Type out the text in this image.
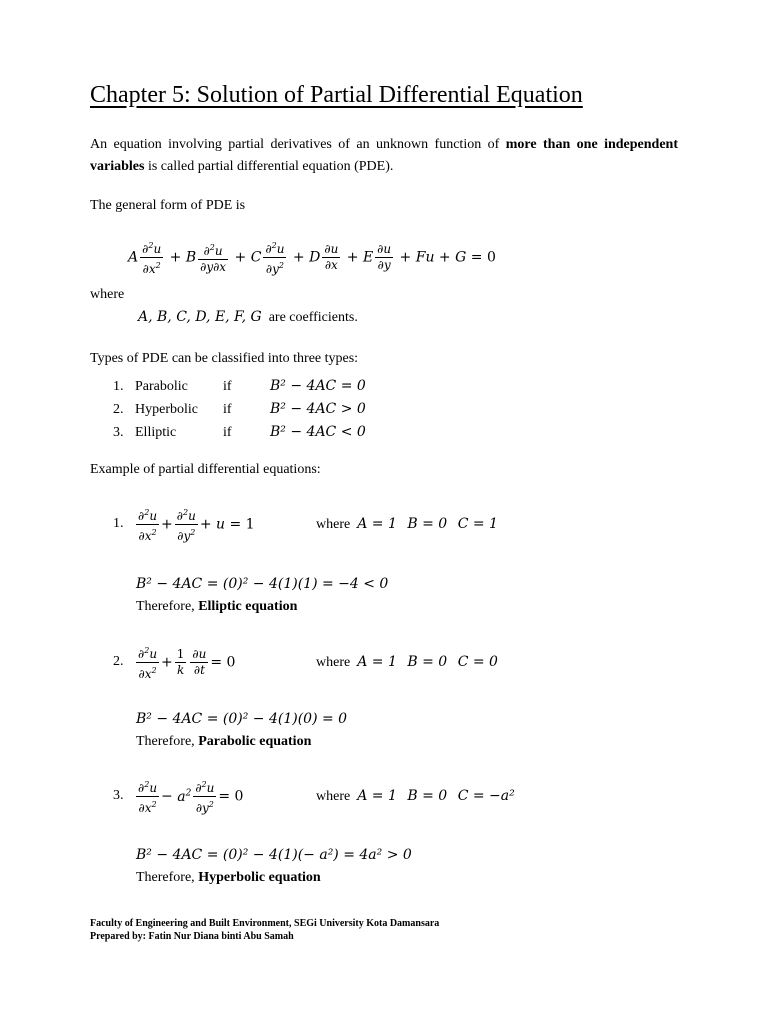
Chapter 5: Solution of Partial Differential Equation
An equation involving partial derivatives of an unknown function of more than one independent variables is called partial differential equation (PDE).
The general form of PDE is
A $\frac{\partial^2u}{\partial x^2} + B \frac{\partial^2u}{\partial y\partial x} + C \frac{\partial^2u}{\partial y^2} + D \frac{\partial u}{\partial x} + E \frac{\partial u}{\partial y} + Fu + G = 0$
where
A, B, C, D, E, F, G are coefficients.
Types of PDE can be classified into three types:
1. Parabolic	if	B² − 4AC = 0
2. Hyperbolic if	B² − 4AC > 0
3. Elliptic	if	B² − 4AC < 0
Example of partial differential equations:
1. $\frac{\partial^2u}{\partial x^2} + \frac{\partial^2u}{\partial y^2} + u = 1$	where A = 1 B = 0 C = 1
B² − 4AC = (0)² − 4(1)(1) = −4 < 0
Therefore, Elliptic equation
2. $\frac{\partial^2u}{\partial x^2} + \frac{1}{k} \frac{\partial u}{\partial t} = 0$	where A = 1 B = 0 C = 0
B² − 4AC = (0)² − 4(1)(0) = 0
Therefore, Parabolic equation
3. $\frac{\partial^2u}{\partial x^2} - a^2 \frac{\partial^2u}{\partial y^2} = 0$	where A = 1 B = 0 C = −a²
B² − 4AC = (0)² − 4(1)(− a²) = 4a² > 0
Therefore, Hyperbolic equation
Faculty of Engineering and Built Environment, SEGi University Kota Damansara
Prepared by: Fatin Nur Diana binti Abu Samah
